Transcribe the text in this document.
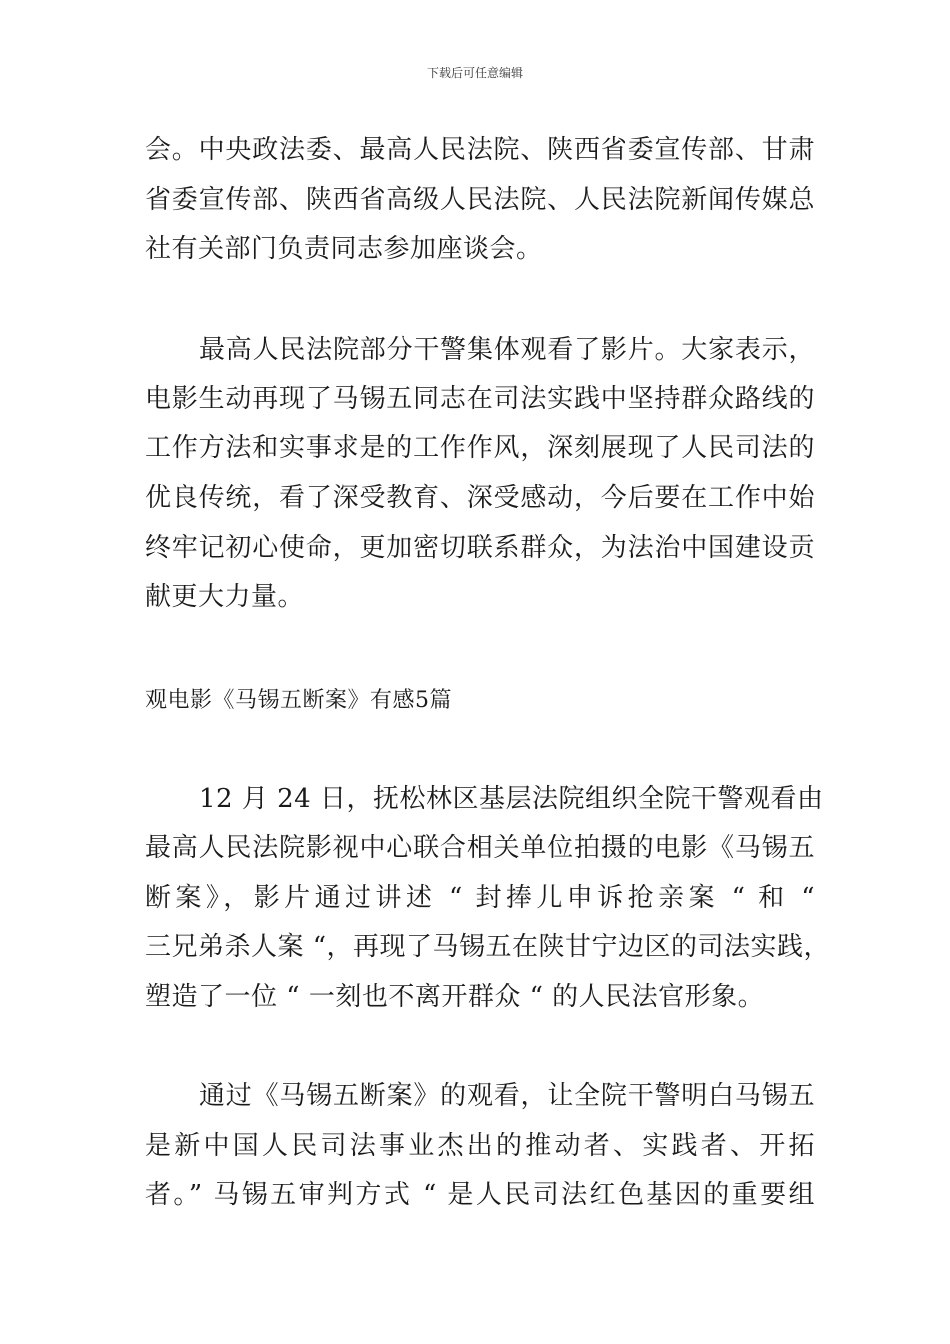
下载后可任意编辑
会。中央政法委、最高人民法院、陕西省委宣传部、甘肃
省委宣传部、陕西省高级人民法院、人民法院新闻传媒总
社有关部门负责同志参加座谈会。
最高人民法院部分干警集体观看了影片。大家表示，
电影生动再现了马锡五同志在司法实践中坚持群众路线的
工作方法和实事求是的工作作风，深刻展现了人民司法的
优良传统，看了深受教育、深受感动，今后要在工作中始
终牢记初心使命，更加密切联系群众，为法治中国建设贡
献更大力量。
观电影《马锡五断案》有感5篇
12 月 24 日，抚松林区基层法院组织全院干警观看由
最高人民法院影视中心联合相关单位拍摄的电影《马锡五
断案》，影片通过讲述 “ 封捧儿申诉抢亲案 “ 和 “
三兄弟杀人案 “，再现了马锡五在陕甘宁边区的司法实践，
塑造了一位 “ 一刻也不离开群众 “ 的人民法官形象。
通过《马锡五断案》的观看，让全院干警明白马锡五
是新中国人民司法事业杰出的推动者、实践者、开拓
者。” 马锡五审判方式 “ 是人民司法红色基因的重要组
